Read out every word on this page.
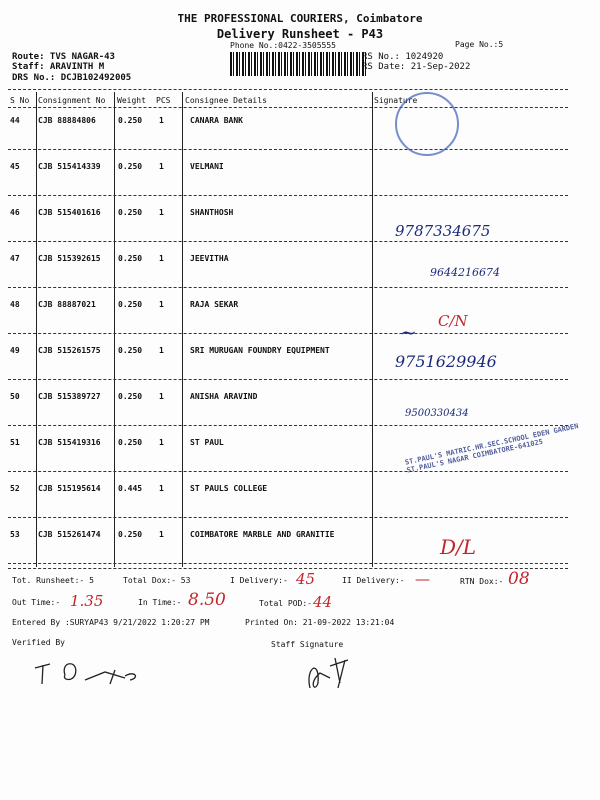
THE PROFESSIONAL COURIERS, Coimbatore
Delivery Runsheet - P43
Phone No.:0422-3505555	Page No.:5
Route: TVS NAGAR-43
Staff: ARAVINTH M
DRS No.: DCJB102492005
RS No.: 1024920
RS Date: 21-Sep-2022
S No Consignment No Weight PCS Consignee Details	Signature
44 CJB 88884806	0.250 1	CANARA BANK
45 CJB 515414339 0.250 1	VELMANI
46 CJB 515401616 0.250 1	SHANTHOSH
47 CJB 515392615 0.250 1	JEEVITHA
48 CJB 88887021	0.250 1	RAJA SEKAR
49 CJB 515261575 0.250 1	SRI MURUGAN FOUNDRY EQUIPMENT
50 CJB 515389727 0.250 1	ANISHA ARAVIND
51 CJB 515419316 0.250 1	ST PAUL
52 CJB 515195614 0.445 1	ST PAULS COLLEGE
53 CJB 515261474 0.250 1	COIMBATORE MARBLE AND GRANITIE
~
9787334675
9644216674
C/N
9751629946
9500330434
ST.PAUL'S MATRIC.HR.SEC.SCHOOL EDEN GARDEN ST.PAUL'S NAGAR COIMBATORE-641025
D/L
Tot. Runsheet:- 5	Total Dox:- 53	I Delivery:- 45	II Delivery:- —	RTN Dox:- 08
Out Time:- 1.35	In Time:- 8.50	Total POD:- 44
Entered By :SURYAP43 9/21/2022 1:20:27 PM	Printed On: 21-09-2022 13:21:04
Verified By	Staff Signature
